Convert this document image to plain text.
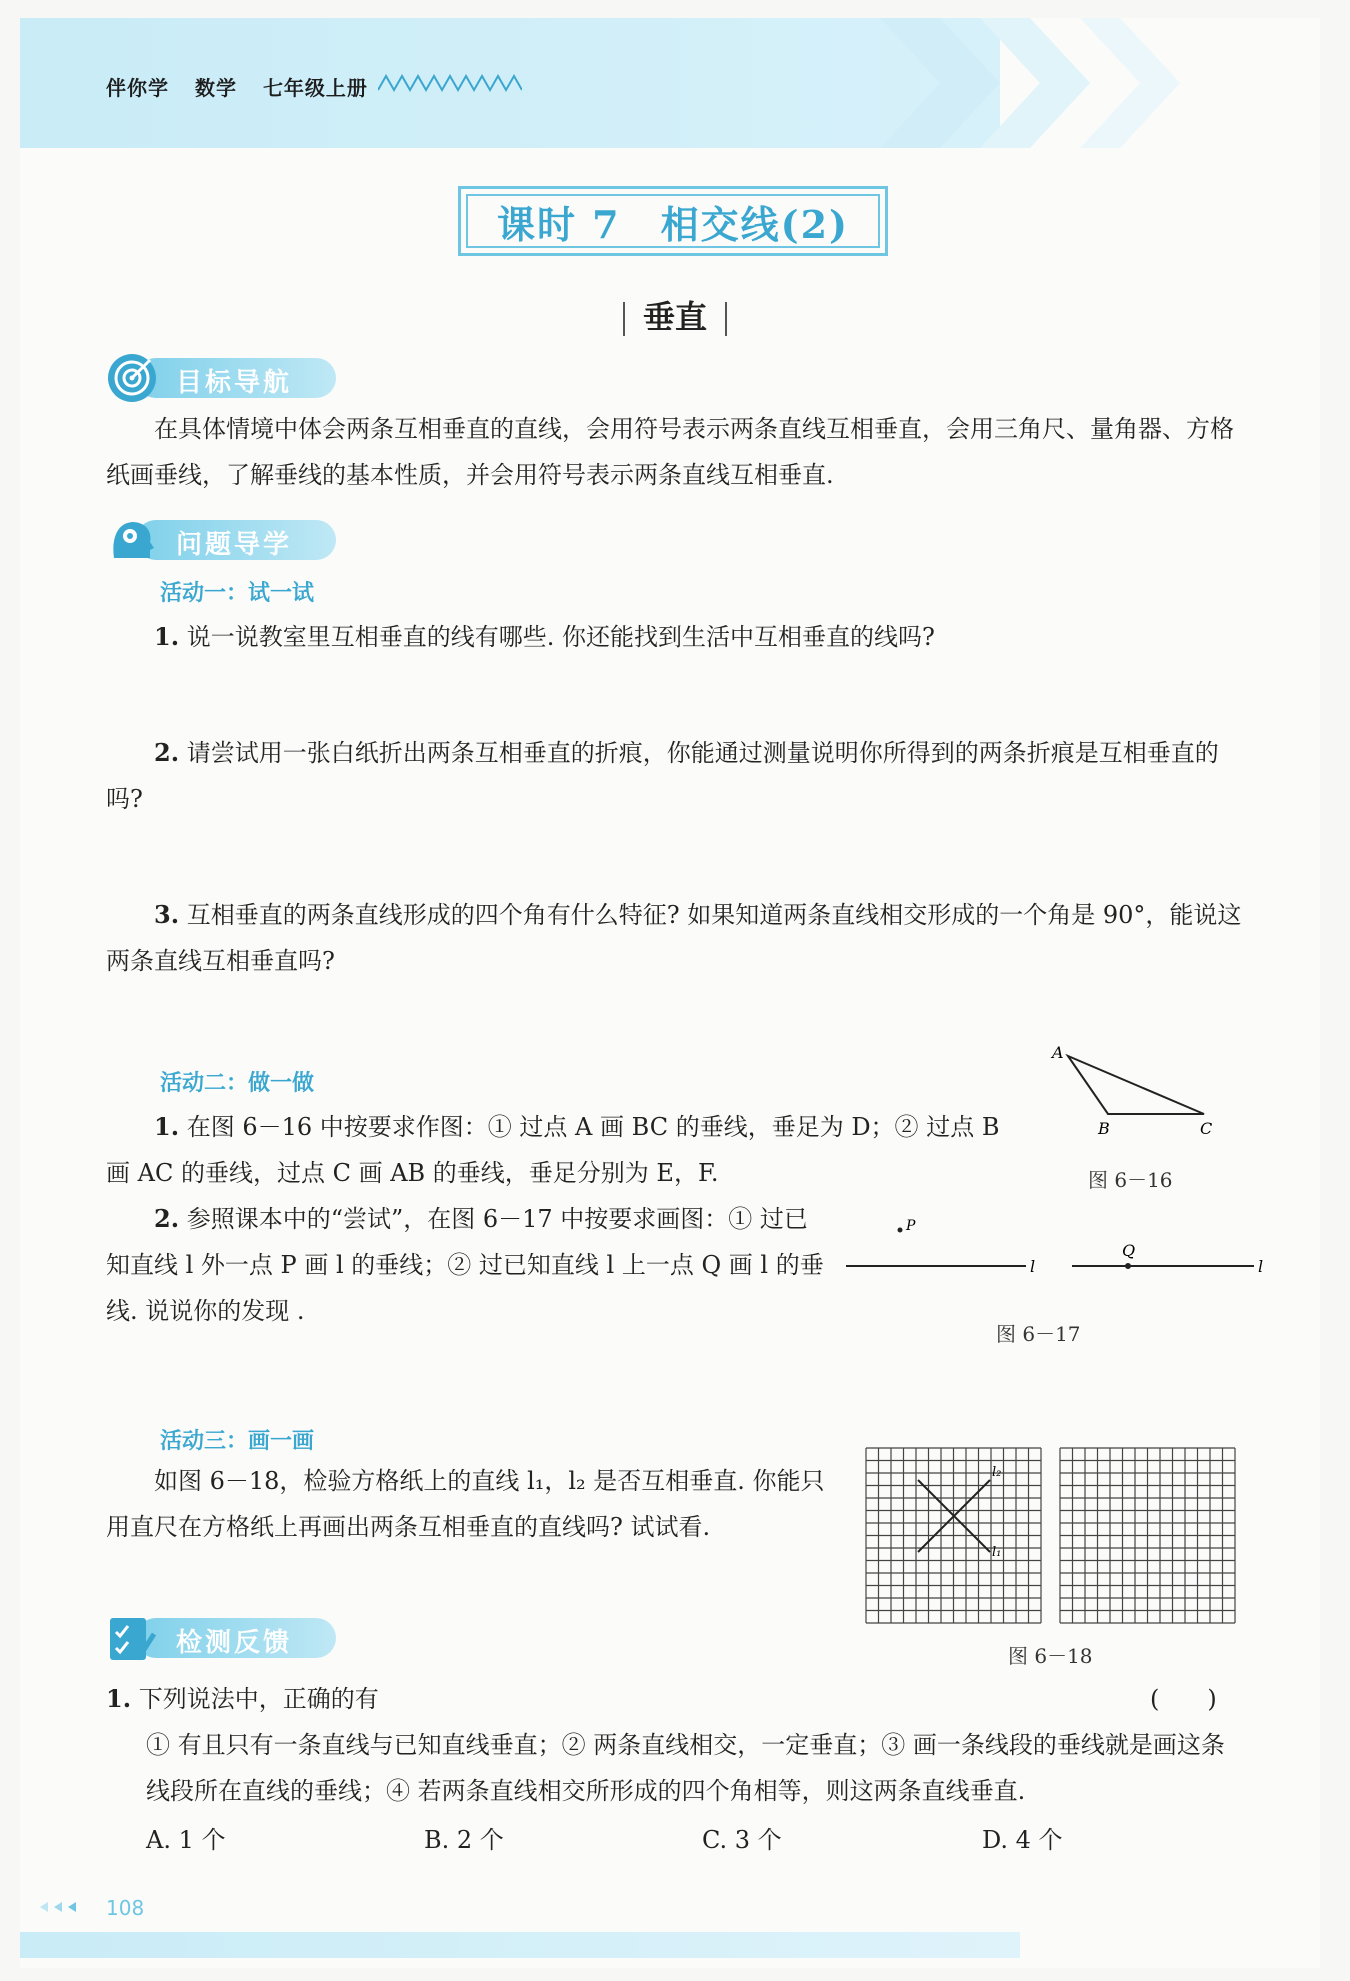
伴你学 数学 七年级上册
课时 7　相交线(2)
垂直
目标导航
在具体情境中体会两条互相垂直的直线，会用符号表示两条直线互相垂直，会用三角尺、量角器、方格纸画垂线，了解垂线的基本性质，并会用符号表示两条直线互相垂直.
问题导学
活动一：试一试
1. 说一说教室里互相垂直的线有哪些. 你还能找到生活中互相垂直的线吗?
2. 请尝试用一张白纸折出两条互相垂直的折痕，你能通过测量说明你所得到的两条折痕是互相垂直的吗?
3. 互相垂直的两条直线形成的四个角有什么特征? 如果知道两条直线相交形成的一个角是 90°，能说这两条直线互相垂直吗?
活动二：做一做
1. 在图 6－16 中按要求作图：① 过点 A 画 BC 的垂线，垂足为 D；② 过点 B 画 AC 的垂线，过点 C 画 AB 的垂线，垂足分别为 E，F.
2. 参照课本中的“尝试”，在图 6－17 中按要求画图：① 过已知直线 l 外一点 P 画 l 的垂线；② 过已知直线 l 上一点 Q 画 l 的垂线. 说说你的发现 .
A
B	C
图 6－16
P
l
Q
l
图 6－17
活动三：画一画
如图 6－18，检验方格纸上的直线 l₁，l₂ 是否互相垂直. 你能只用直尺在方格纸上再画出两条互相垂直的直线吗? 试试看.
l₂
l₁
图 6－18
检测反馈
1. 下列说法中，正确的有	(　　)
① 有且只有一条直线与已知直线垂直；② 两条直线相交，一定垂直；③ 画一条线段的垂线就是画这条线段所在直线的垂线；④ 若两条直线相交所形成的四个角相等，则这两条直线垂直.
A. 1 个	B. 2 个	C. 3 个	D. 4 个
108
